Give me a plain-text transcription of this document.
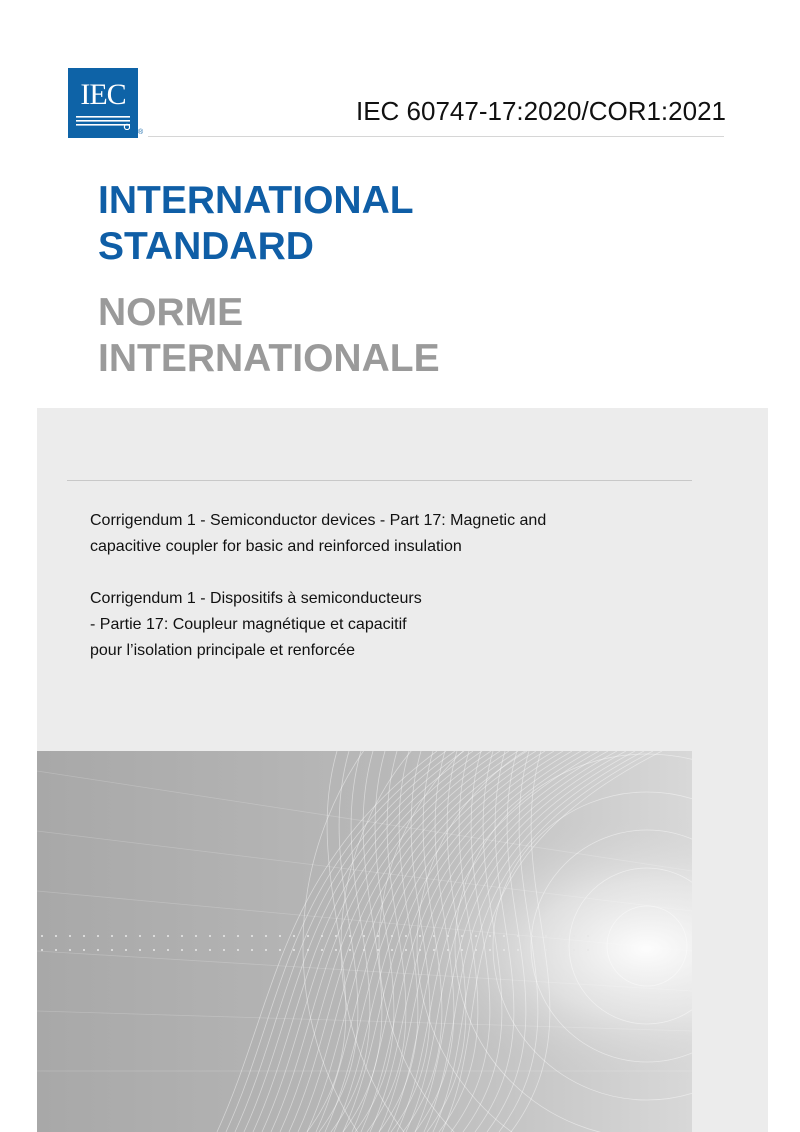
IEC
®
IEC 60747-17:2020/COR1:2021
INTERNATIONAL
STANDARD
NORME
INTERNATIONALE
Corrigendum 1 - Semiconductor devices - Part 17: Magnetic and
capacitive coupler for basic and reinforced insulation
Corrigendum 1 - Dispositifs à semiconducteurs
- Partie 17: Coupleur magnétique et capacitif
pour l’isolation principale et renforcée
